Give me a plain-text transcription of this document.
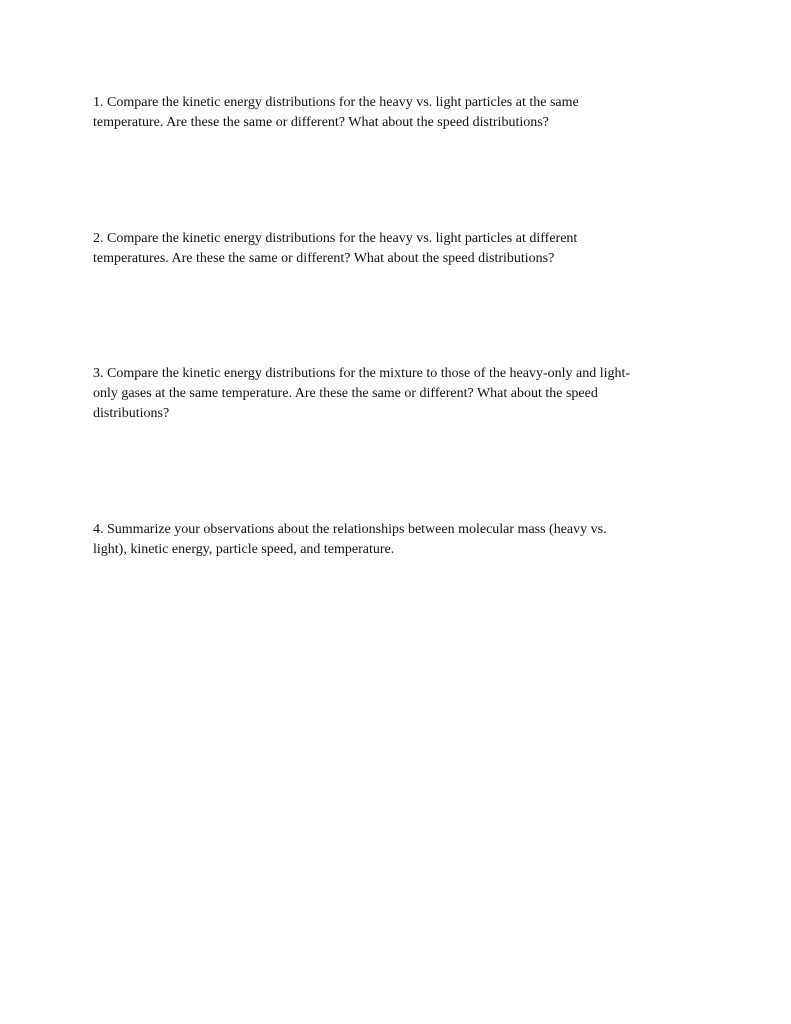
1. Compare the kinetic energy distributions for the heavy vs. light particles at the same
temperature. Are these the same or different? What about the speed distributions?

2. Compare the kinetic energy distributions for the heavy vs. light particles at different
temperatures. Are these the same or different? What about the speed distributions?

3. Compare the kinetic energy distributions for the mixture to those of the heavy-only and light-
only gases at the same temperature. Are these the same or different? What about the speed
distributions?

4. Summarize your observations about the relationships between molecular mass (heavy vs.
light), kinetic energy, particle speed, and temperature.
